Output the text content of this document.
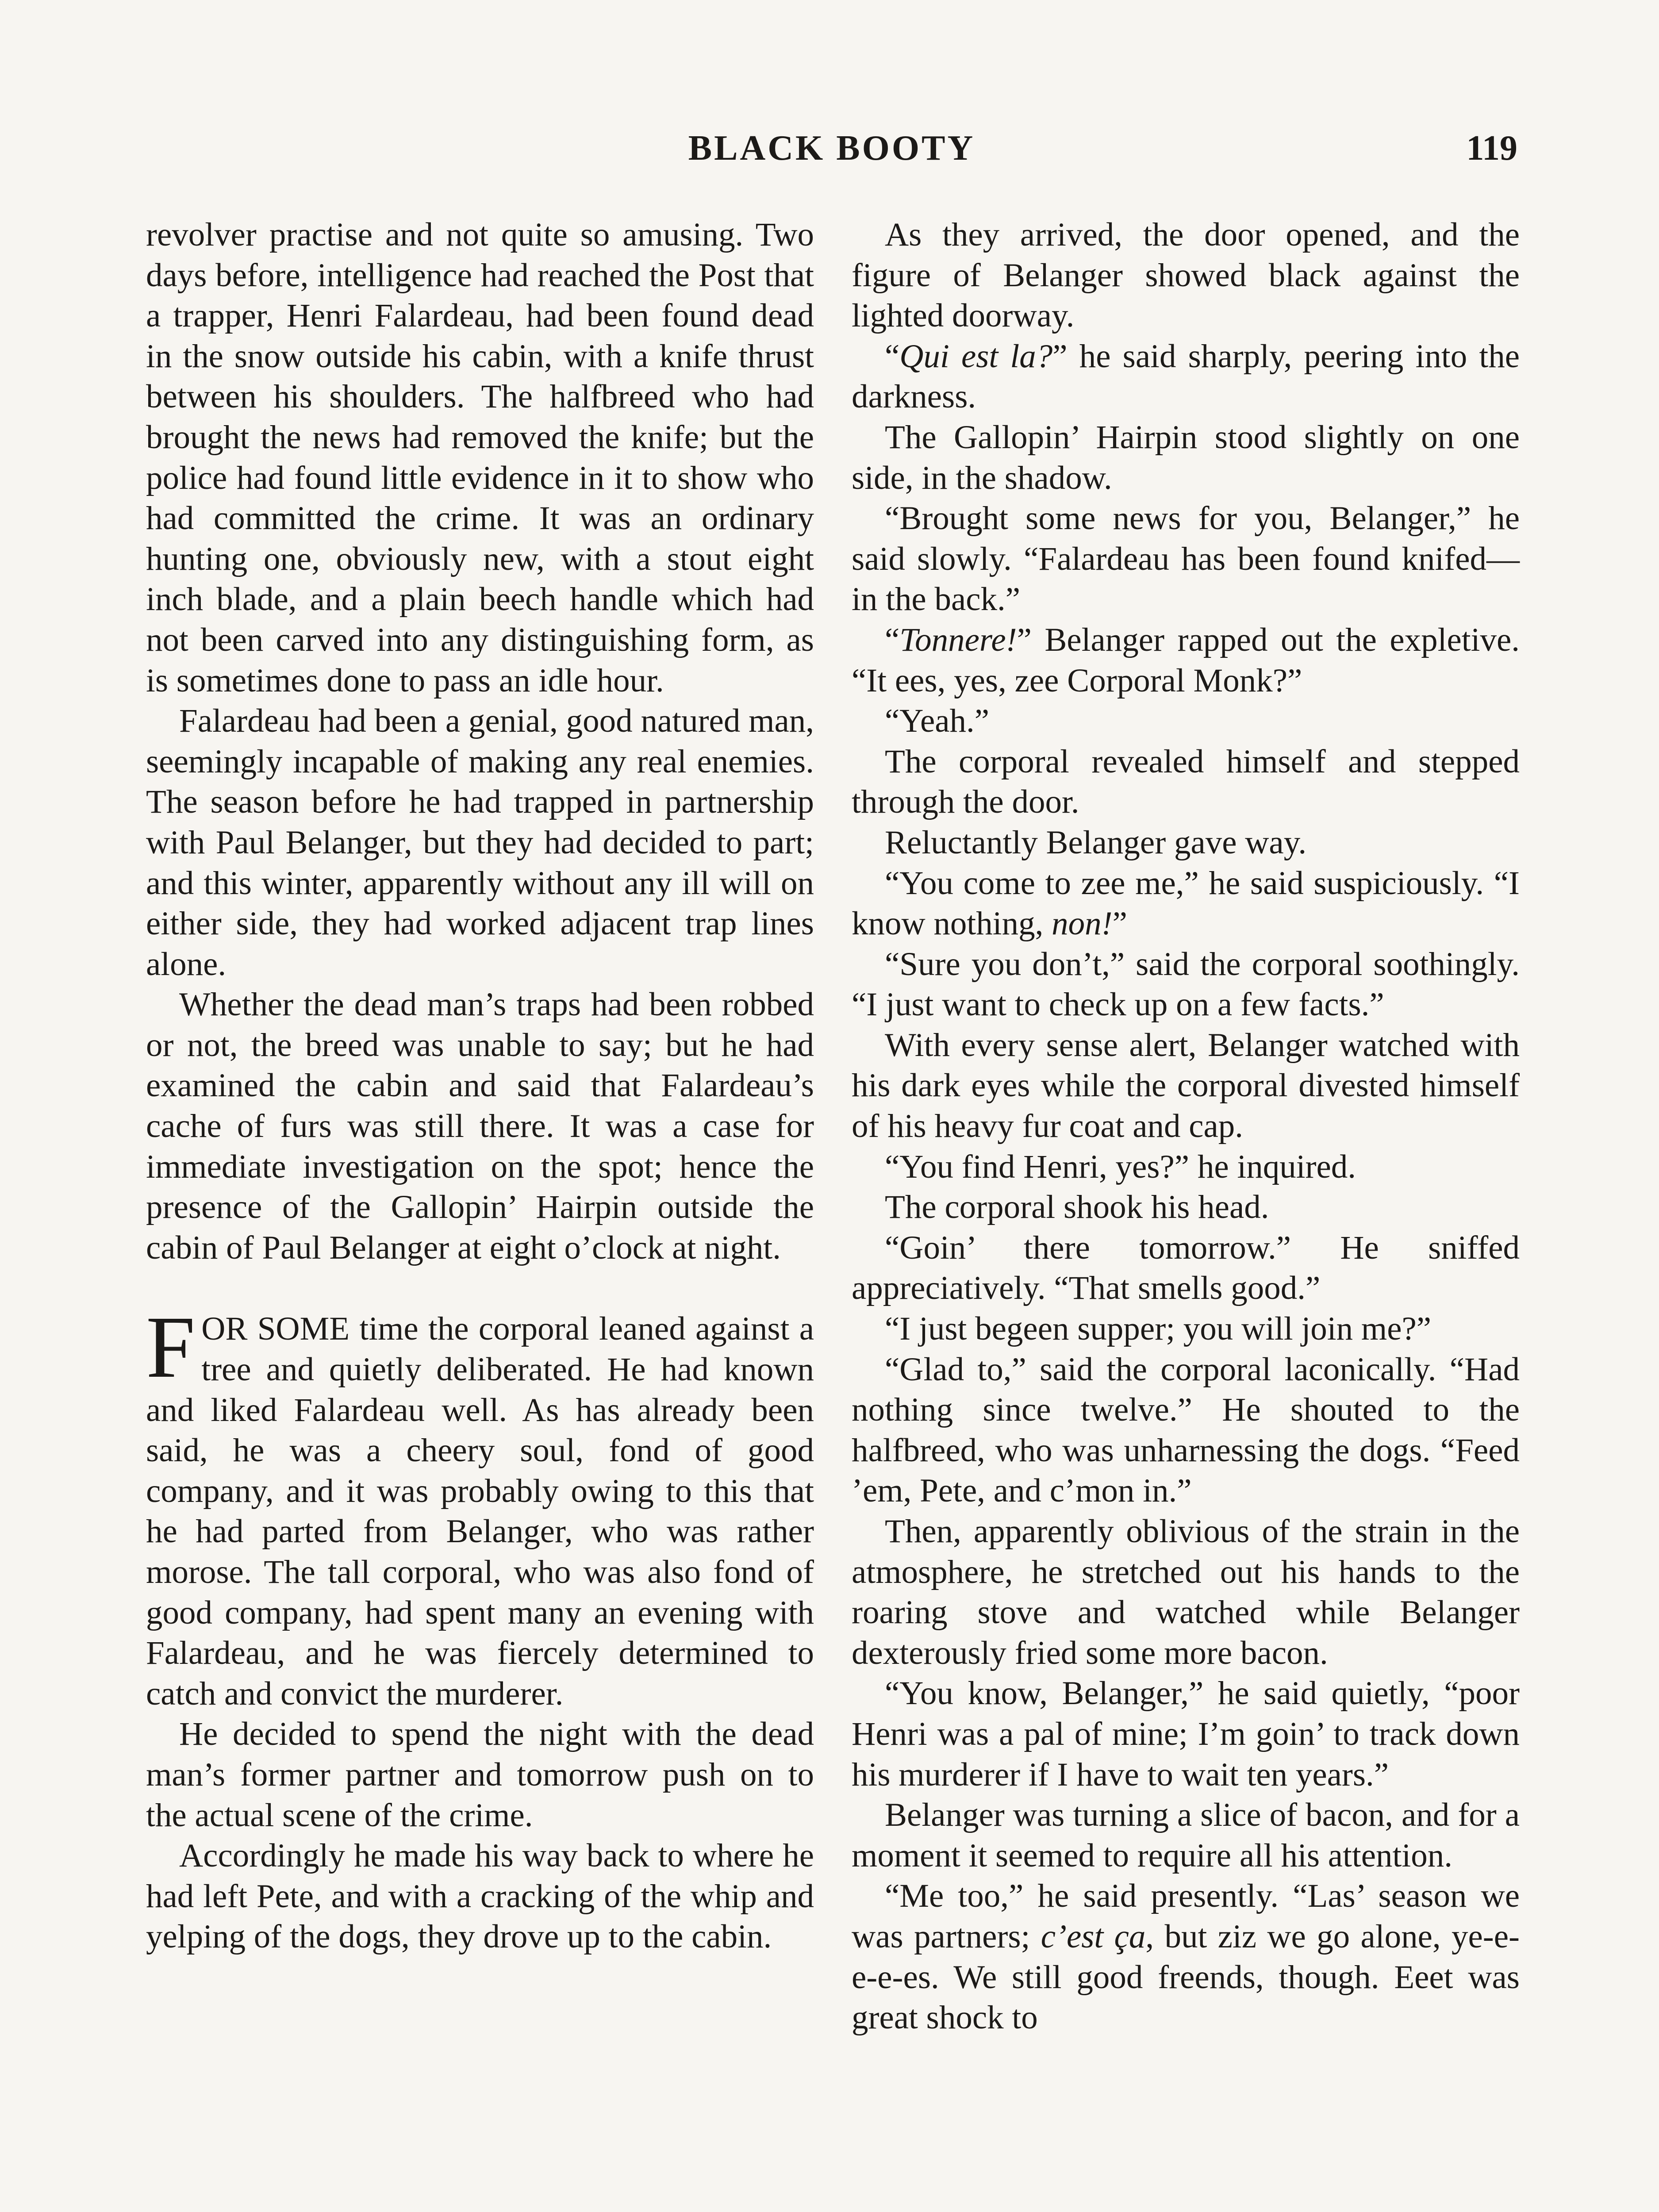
BLACK BOOTY	119

revolver practise and not quite so amusing. Two days before, intelligence had reached the Post that a trapper, Henri Falardeau, had been found dead in the snow outside his cabin, with a knife thrust between his shoulders. The halfbreed who had brought the news had removed the knife; but the police had found little evidence in it to show who had committed the crime. It was an ordinary hunting one, obviously new, with a stout eight inch blade, and a plain beech handle which had not been carved into any distinguishing form, as is sometimes done to pass an idle hour.

Falardeau had been a genial, good natured man, seemingly incapable of making any real enemies. The season before he had trapped in partnership with Paul Belanger, but they had decided to part; and this winter, apparently without any ill will on either side, they had worked adjacent trap lines alone.

Whether the dead man’s traps had been robbed or not, the breed was unable to say; but he had examined the cabin and said that Falardeau’s cache of furs was still there. It was a case for immediate investigation on the spot; hence the presence of the Gallopin’ Hairpin outside the cabin of Paul Belanger at eight o’clock at night.

FOR SOME time the corporal leaned against a tree and quietly deliberated. He had known and liked Falardeau well. As has already been said, he was a cheery soul, fond of good company, and it was probably owing to this that he had parted from Belanger, who was rather morose. The tall corporal, who was also fond of good company, had spent many an evening with Falardeau, and he was fiercely determined to catch and convict the murderer.

He decided to spend the night with the dead man’s former partner and tomorrow push on to the actual scene of the crime.

Accordingly he made his way back to where he had left Pete, and with a cracking of the whip and yelping of the dogs, they drove up to the cabin.

As they arrived, the door opened, and the figure of Belanger showed black against the lighted doorway.

“Qui est la?” he said sharply, peering into the darkness.

The Gallopin’ Hairpin stood slightly on one side, in the shadow.

“Brought some news for you, Belanger,” he said slowly. “Falardeau has been found knifed—in the back.”

“Tonnere!” Belanger rapped out the expletive. “It ees, yes, zee Corporal Monk?”

“Yeah.”

The corporal revealed himself and stepped through the door.

Reluctantly Belanger gave way.

“You come to zee me,” he said suspiciously. “I know nothing, non!”

“Sure you don’t,” said the corporal soothingly. “I just want to check up on a few facts.”

With every sense alert, Belanger watched with his dark eyes while the corporal divested himself of his heavy fur coat and cap.

“You find Henri, yes?” he inquired.

The corporal shook his head.

“Goin’ there tomorrow.” He sniffed appreciatively. “That smells good.”

“I just begeen supper; you will join me?”

“Glad to,” said the corporal laconically. “Had nothing since twelve.” He shouted to the halfbreed, who was unharnessing the dogs. “Feed ’em, Pete, and c’mon in.”

Then, apparently oblivious of the strain in the atmosphere, he stretched out his hands to the roaring stove and watched while Belanger dexterously fried some more bacon.

“You know, Belanger,” he said quietly, “poor Henri was a pal of mine; I’m goin’ to track down his murderer if I have to wait ten years.”

Belanger was turning a slice of bacon, and for a moment it seemed to require all his attention.

“Me too,” he said presently. “Las’ season we was partners; c’est ça, but ziz we go alone, ye-e-e-e-es. We still good freends, though. Eeet was great shock to
